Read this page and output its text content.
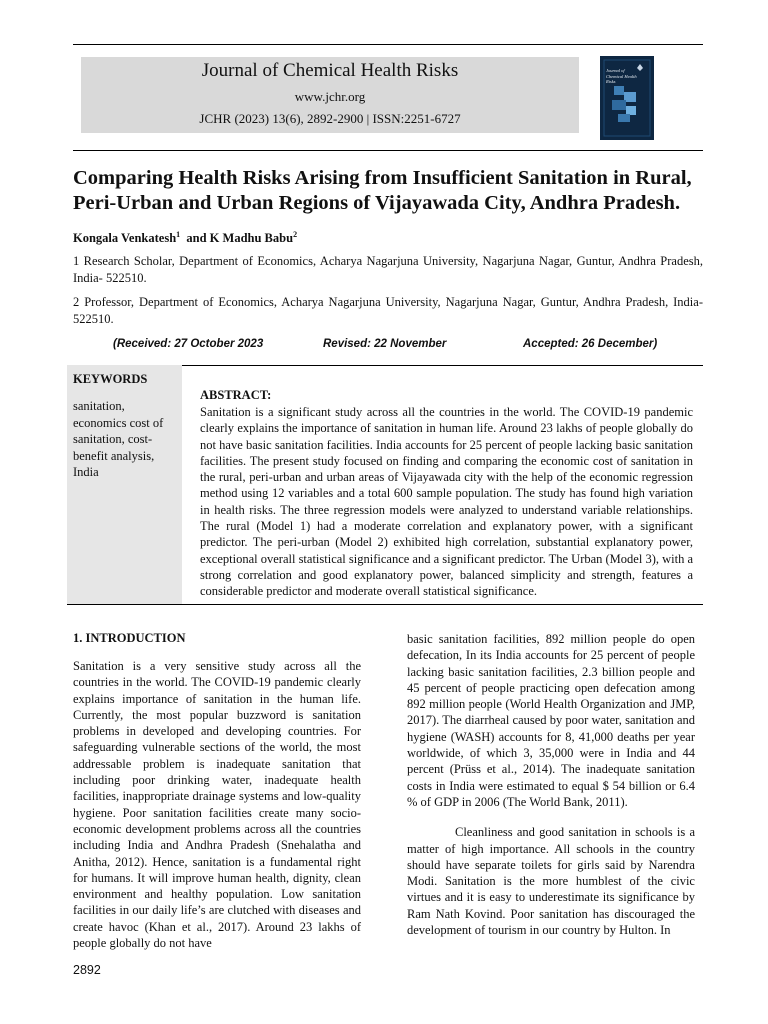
Journal of Chemical Health Risks
www.jchr.org
JCHR (2023) 13(6), 2892-2900 | ISSN:2251-6727
Journal of Chemical Health Risks
Comparing Health Risks Arising from Insufficient Sanitation in Rural, Peri-Urban and Urban Regions of Vijayawada City, Andhra Pradesh.
Kongala Venkatesh$^1$ and K Madhu Babu$^2$
1 Research Scholar, Department of Economics, Acharya Nagarjuna University, Nagarjuna Nagar, Guntur, Andhra Pradesh, India- 522510.
2 Professor, Department of Economics, Acharya Nagarjuna University, Nagarjuna Nagar, Guntur, Andhra Pradesh, India-522510.
(Received: 27 October 2023	Revised: 22 November	Accepted: 26 December)
KEYWORDS
sanitation, economics cost of sanitation, cost-benefit analysis, India
ABSTRACT:
Sanitation is a significant study across all the countries in the world. The COVID-19 pandemic clearly explains the importance of sanitation in human life. Around 23 lakhs of people globally do not have basic sanitation facilities. India accounts for 25 percent of people lacking basic sanitation facilities. The present study focused on finding and comparing the economic cost of sanitation in the rural, peri-urban and urban areas of Vijayawada city with the help of the economic regression method using 12 variables and a total 600 sample population. The study has found high variation in health risks. The three regression models were analyzed to understand variable relationships. The rural (Model 1) had a moderate correlation and explanatory power, with a significant predictor. The peri-urban (Model 2) exhibited high correlation, substantial explanatory power, exceptional overall statistical significance and a significant predictor. The Urban (Model 3), with a strong correlation and good explanatory power, balanced simplicity and strength, features a considerable predictor and moderate overall statistical significance.
1. INTRODUCTION

Sanitation is a very sensitive study across all the countries in the world. The COVID-19 pandemic clearly explains importance of sanitation in the human life. Currently, the most popular buzzword is sanitation problems in developed and developing countries. For safeguarding vulnerable sections of the world, the most addressable problem is inadequate sanitation that including poor drinking water, inadequate health facilities, inappropriate drainage systems and low-quality hygiene. Poor sanitation facilities create many socio-economic development problems across all the countries including India and Andhra Pradesh (Snehalatha and Anitha, 2012). Hence, sanitation is a fundamental right for humans. It will improve human health, dignity, clean environment and healthy population. Low sanitation facilities in our daily life’s are clutched with diseases and create havoc (Khan et al., 2017). Around 23 lakhs of people globally do not have

basic sanitation facilities, 892 million people do open defecation, In its India accounts for 25 percent of people lacking basic sanitation facilities, 2.3 billion people and 45 percent of people practicing open defecation among 892 million people (World Health Organization and JMP, 2017). The diarrheal caused by poor water, sanitation and hygiene (WASH) accounts for 8, 41,000 deaths per year worldwide, of which 3, 35,000 were in India and 44 percent (Prüss et al., 2014). The inadequate sanitation costs in India were estimated to equal $ 54 billion or 6.4 % of GDP in 2006 (The World Bank, 2011).

Cleanliness and good sanitation in schools is a matter of high importance. All schools in the country should have separate toilets for girls said by Narendra Modi. Sanitation is the more humblest of the civic virtues and it is easy to underestimate its significance by Ram Nath Kovind. Poor sanitation has discouraged the development of tourism in our country by Hulton. In

2892
